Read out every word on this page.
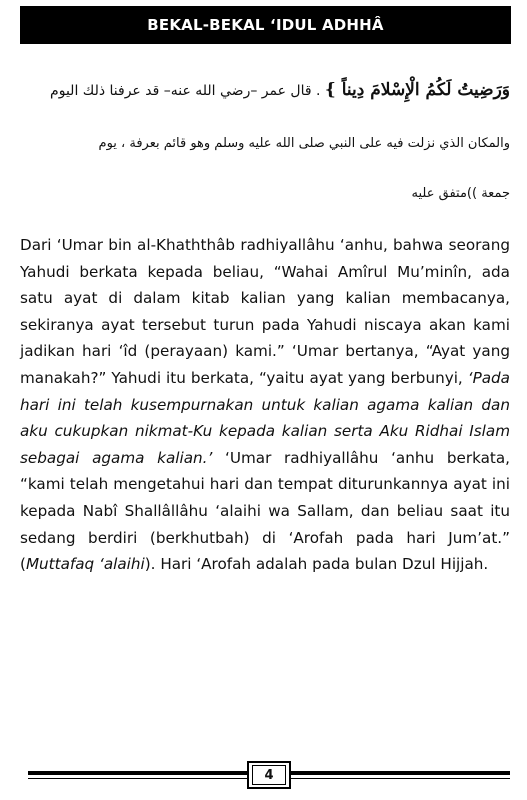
BEKAL-BEKAL ‘IDUL ADHHÂ
وَرَضِيتُ لَكُمُ الْإِسْلامَ دِيناً } . قال عمر –رضي الله عنه– قد عرفنا ذلك اليوم
والمكان الذي نزلت فيه على النبي صلى الله عليه وسلم وهو قائم بعرفة ، يوم
جمعة ))متفق عليه

Dari ‘Umar bin al-Khaththâb radhiyallâhu ‘anhu, bahwa seorang Yahudi berkata kepada beliau, “Wahai Amîrul Mu’minîn, ada satu ayat di dalam kitab kalian yang kalian membacanya, sekiranya ayat tersebut turun pada Yahudi niscaya akan kami jadikan hari ‘îd (perayaan) kami.” ‘Umar bertanya, “Ayat yang manakah?” Yahudi itu berkata, “yaitu ayat yang berbunyi, ‘Pada hari ini telah kusempurnakan untuk kalian agama kalian dan aku cukupkan nikmat-Ku kepada kalian serta Aku Ridhai Islam sebagai agama kalian.’ ‘Umar radhiyallâhu ‘anhu berkata, “kami telah mengetahui hari dan tempat diturunkannya ayat ini kepada Nabî Shallâllâhu ‘alaihi wa Sallam, dan beliau saat itu sedang berdiri (berkhutbah) di ‘Arofah pada hari Jum’at.” (Muttafaq ‘alaihi). Hari ‘Arofah adalah pada bulan Dzul Hijjah.

4
